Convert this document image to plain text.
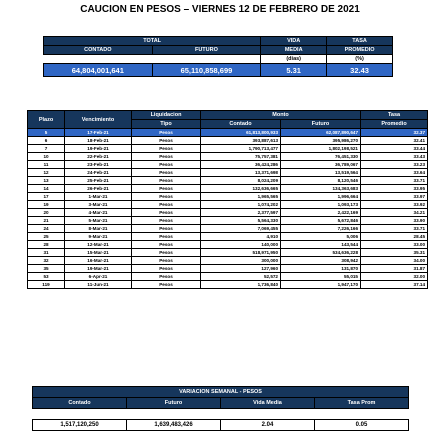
CAUCION EN PESOS – VIERNES 12 DE FEBRERO DE 2021
TOTAL		VIDA	TASA
CONTADO	FUTURO	MEDIA	PROMEDIO
		(días)	(%)
64,804,001,641	65,110,858,699	5.31	32.43
Plazo	Vencimiento	Liquidacion	Monto		Tasa
		Tipo	Contado	Futuro	Promedio
5	17-Feb-21	Pesos	61,813,800,933	62,087,890,647	32.37
6	18-Feb-21	Pesos	393,887,613	395,986,270	32.41
7	19-Feb-21	Pesos	1,790,713,477	1,802,198,521	33.44
10	22-Feb-21	Pesos	75,757,381	76,451,330	33.43
11	23-Feb-21	Pesos	36,424,286	36,789,067	33.23
12	24-Feb-21	Pesos	13,371,698	13,519,564	33.64
13	25-Feb-21	Pesos	8,024,209	8,120,546	33.71
14	26-Feb-21	Pesos	132,636,665	134,363,683	33.95
17	1-Mar-21	Pesos	1,965,565	1,996,664	33.97
19	3-Mar-21	Pesos	1,074,202	1,093,173	33.92
20	4-Mar-21	Pesos	2,377,597	2,422,169	34.21
21	5-Mar-21	Pesos	5,564,330	5,672,846	33.90
24	8-Mar-21	Pesos	7,069,455	7,226,166	33.71
25	9-Mar-21	Pesos	4,910	5,006	28.45
28	12-Mar-21	Pesos	140,000	143,544	33.00
31	15-Mar-21	Pesos	518,971,950	534,636,228	35.31
32	16-Mar-21	Pesos	300,000	308,942	34.00
35	19-Mar-21	Pesos	127,960	131,870	31.87
53	6-Apr-21	Pesos	52,572	55,015	32.00
119	11-Jun-21	Pesos	1,736,840	1,947,170	37.14
VARIACION SEMANAL - PESOS			
Contado	Futuro	Vida Media	Tasa Prom

1,517,120,250	1,639,483,426	2.04	0.05
